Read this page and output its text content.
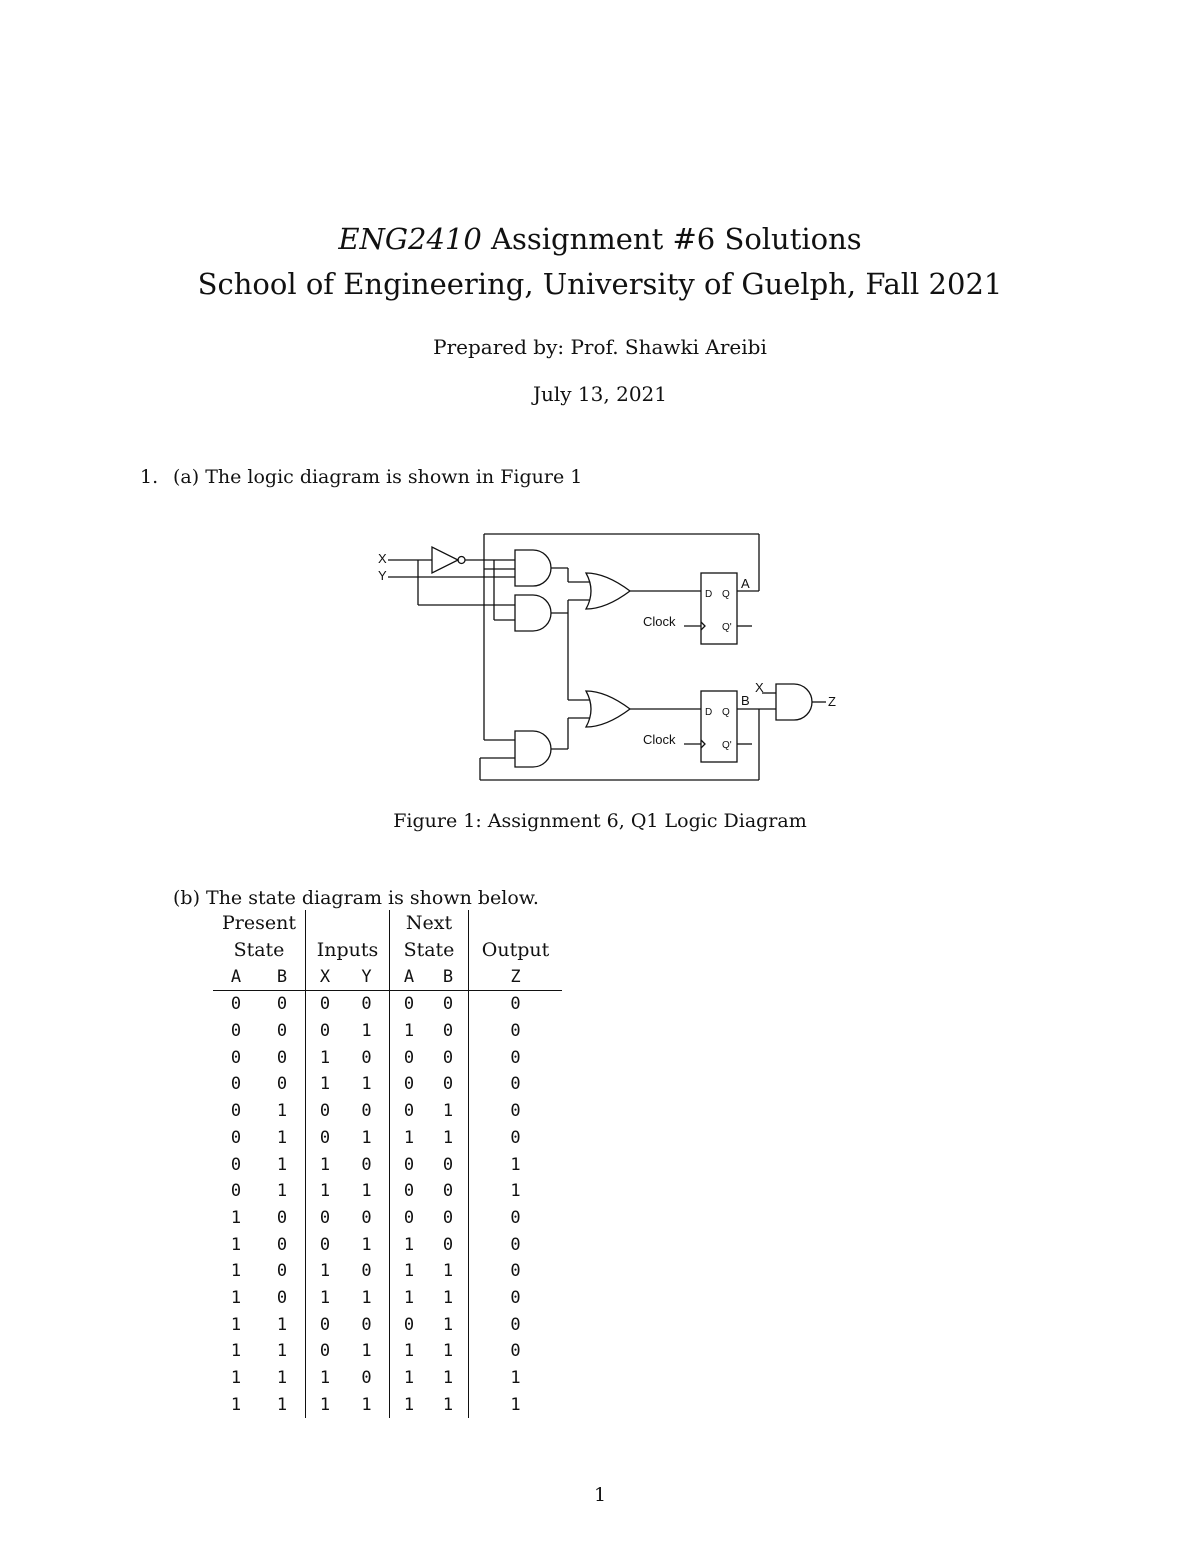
ENG2410 Assignment #6 Solutions
School of Engineering, University of Guelph, Fall 2021
Prepared by: Prof. Shawki Areibi
July 13, 2021
1. (a) The logic diagram is shown in Figure 1
X
Y
A
B
D Q
Q'
D Q
Q'
Clock
Clock
X
Z
Figure 1: Assignment 6, Q1 Logic Diagram
(b) The state diagram is shown below.
Present				Next		
State		Inputs		State		Output
A	B	X	Y	A	B	Z
0	0	0	0	0	0	0
0	0	0	1	1	0	0
0	0	1	0	0	0	0
0	0	1	1	0	0	0
0	1	0	0	0	1	0
0	1	0	1	1	1	0
0	1	1	0	0	0	1
0	1	1	1	0	0	1
1	0	0	0	0	0	0
1	0	0	1	1	0	0
1	0	1	0	1	1	0
1	0	1	1	1	1	0
1	1	0	0	0	1	0
1	1	0	1	1	1	0
1	1	1	0	1	1	1
1	1	1	1	1	1	1
1
